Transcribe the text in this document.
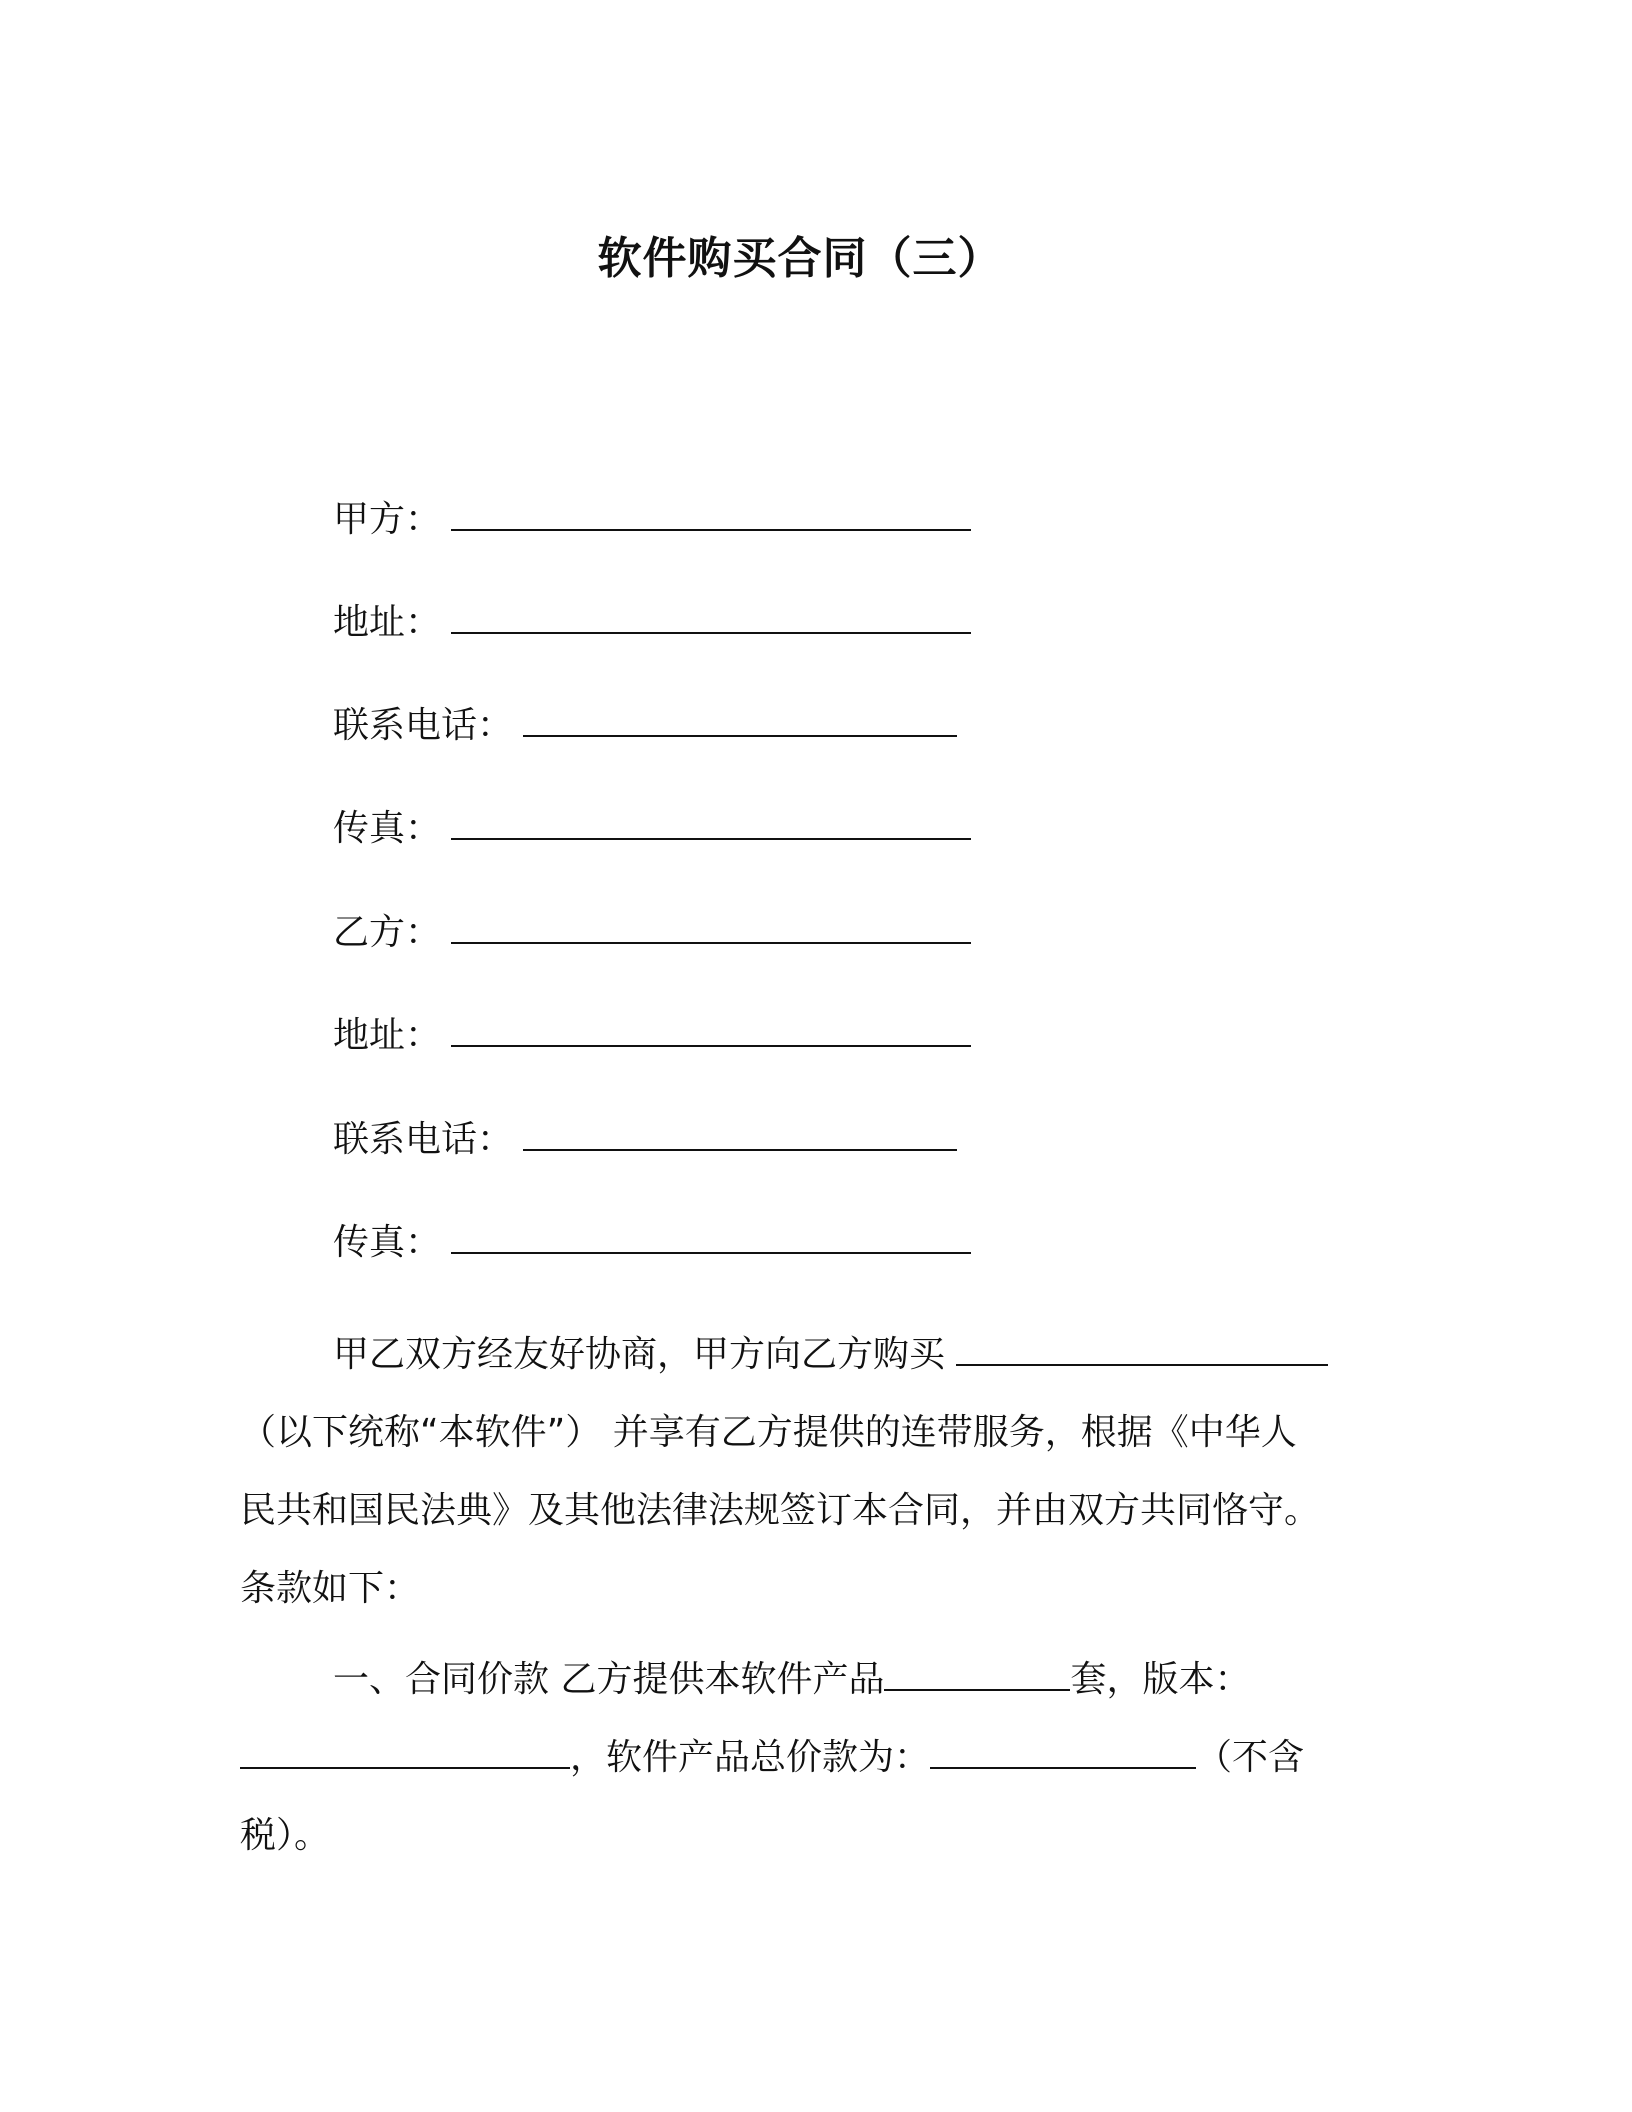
软件购买合同（三）
甲方：
地址：
联系电话：
传真：
乙方：
地址：
联系电话：
传真：
甲乙双方经友好协商，甲方向乙方购买
（以下统称“本软件”） 并享有乙方提供的连带服务，根据《中华人
民共和国民法典》及其他法律法规签订本合同，并由双方共同恪守。
条款如下：
一、合同价款 乙方提供本软件产品	套，版本：
，软件产品总价款为：	（不含
税）。
